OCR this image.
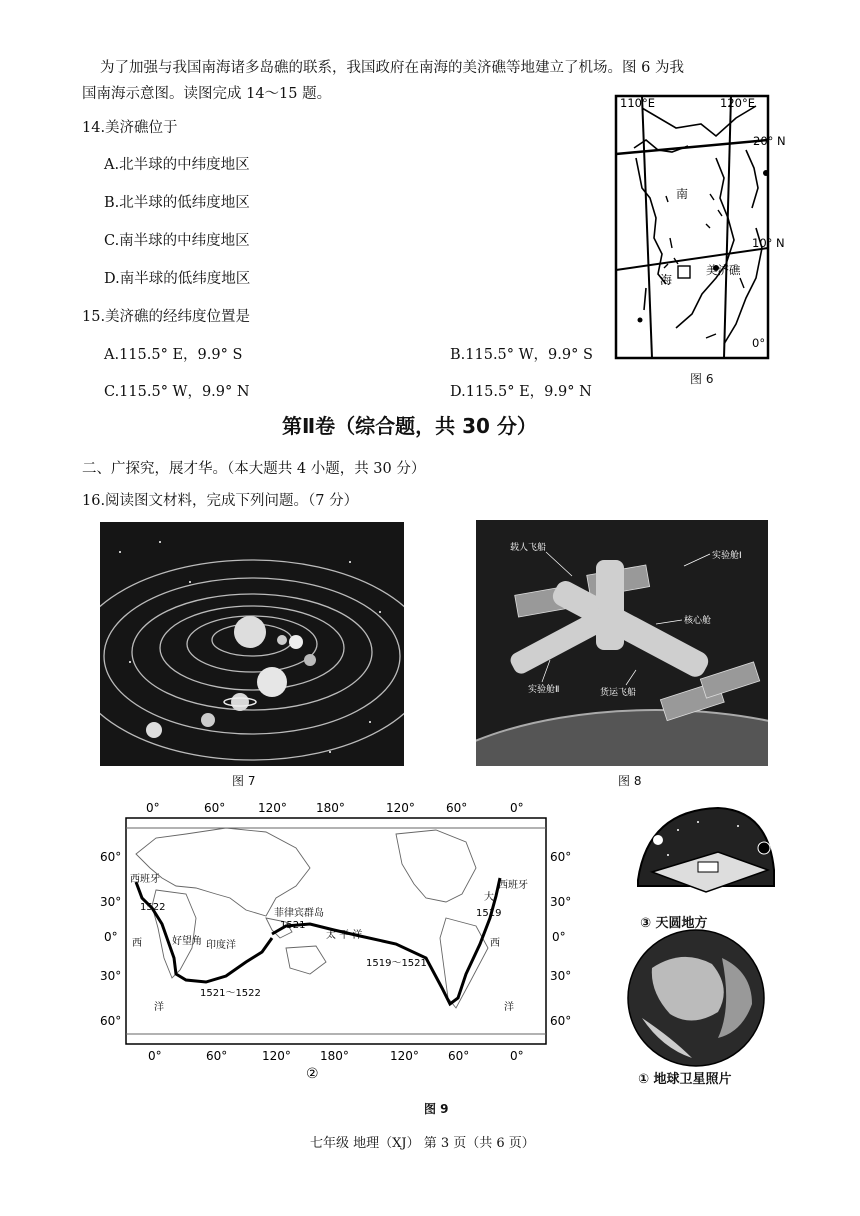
为了加强与我国南海诸多岛礁的联系，我国政府在南海的美济礁等地建立了机场。图 6 为我
国南海示意图。读图完成 14～15 题。
14.美济礁位于
A.北半球的中纬度地区
B.北半球的低纬度地区
C.南半球的中纬度地区
D.南半球的低纬度地区
15.美济礁的经纬度位置是
A.115.5° E，9.9° S	B.115.5° W，9.9° S
C.115.5° W，9.9° N	D.115.5° E，9.9° N
110°E	120°E
20° N
10° N
0°
南
海
美济礁
图 6
第Ⅱ卷（综合题，共 30 分）
二、广探究，展才华。（本大题共 4 小题，共 30 分）
16.阅读图文材料，完成下列问题。（7 分）
图 7
载人飞船
实验舱Ⅰ
核心舱
实验舱Ⅱ	货运飞船
图 8
0°	60°	120° 180°	120°	60°	0°
0°	60°	120° 180°	120° 60°	0°
60°
30°
0°
30°
60°
60°
30°
0°
30°
60°
西班牙
西班牙
菲律宾群岛
好望角 印度洋
太 平 洋
大
西	西
洋	洋
1522
1521
1521～1522
1519～1521
1519
②
图 9
③ 天圆地方
① 地球卫星照片
七年级 地理（XJ） 第 3 页（共 6 页）
